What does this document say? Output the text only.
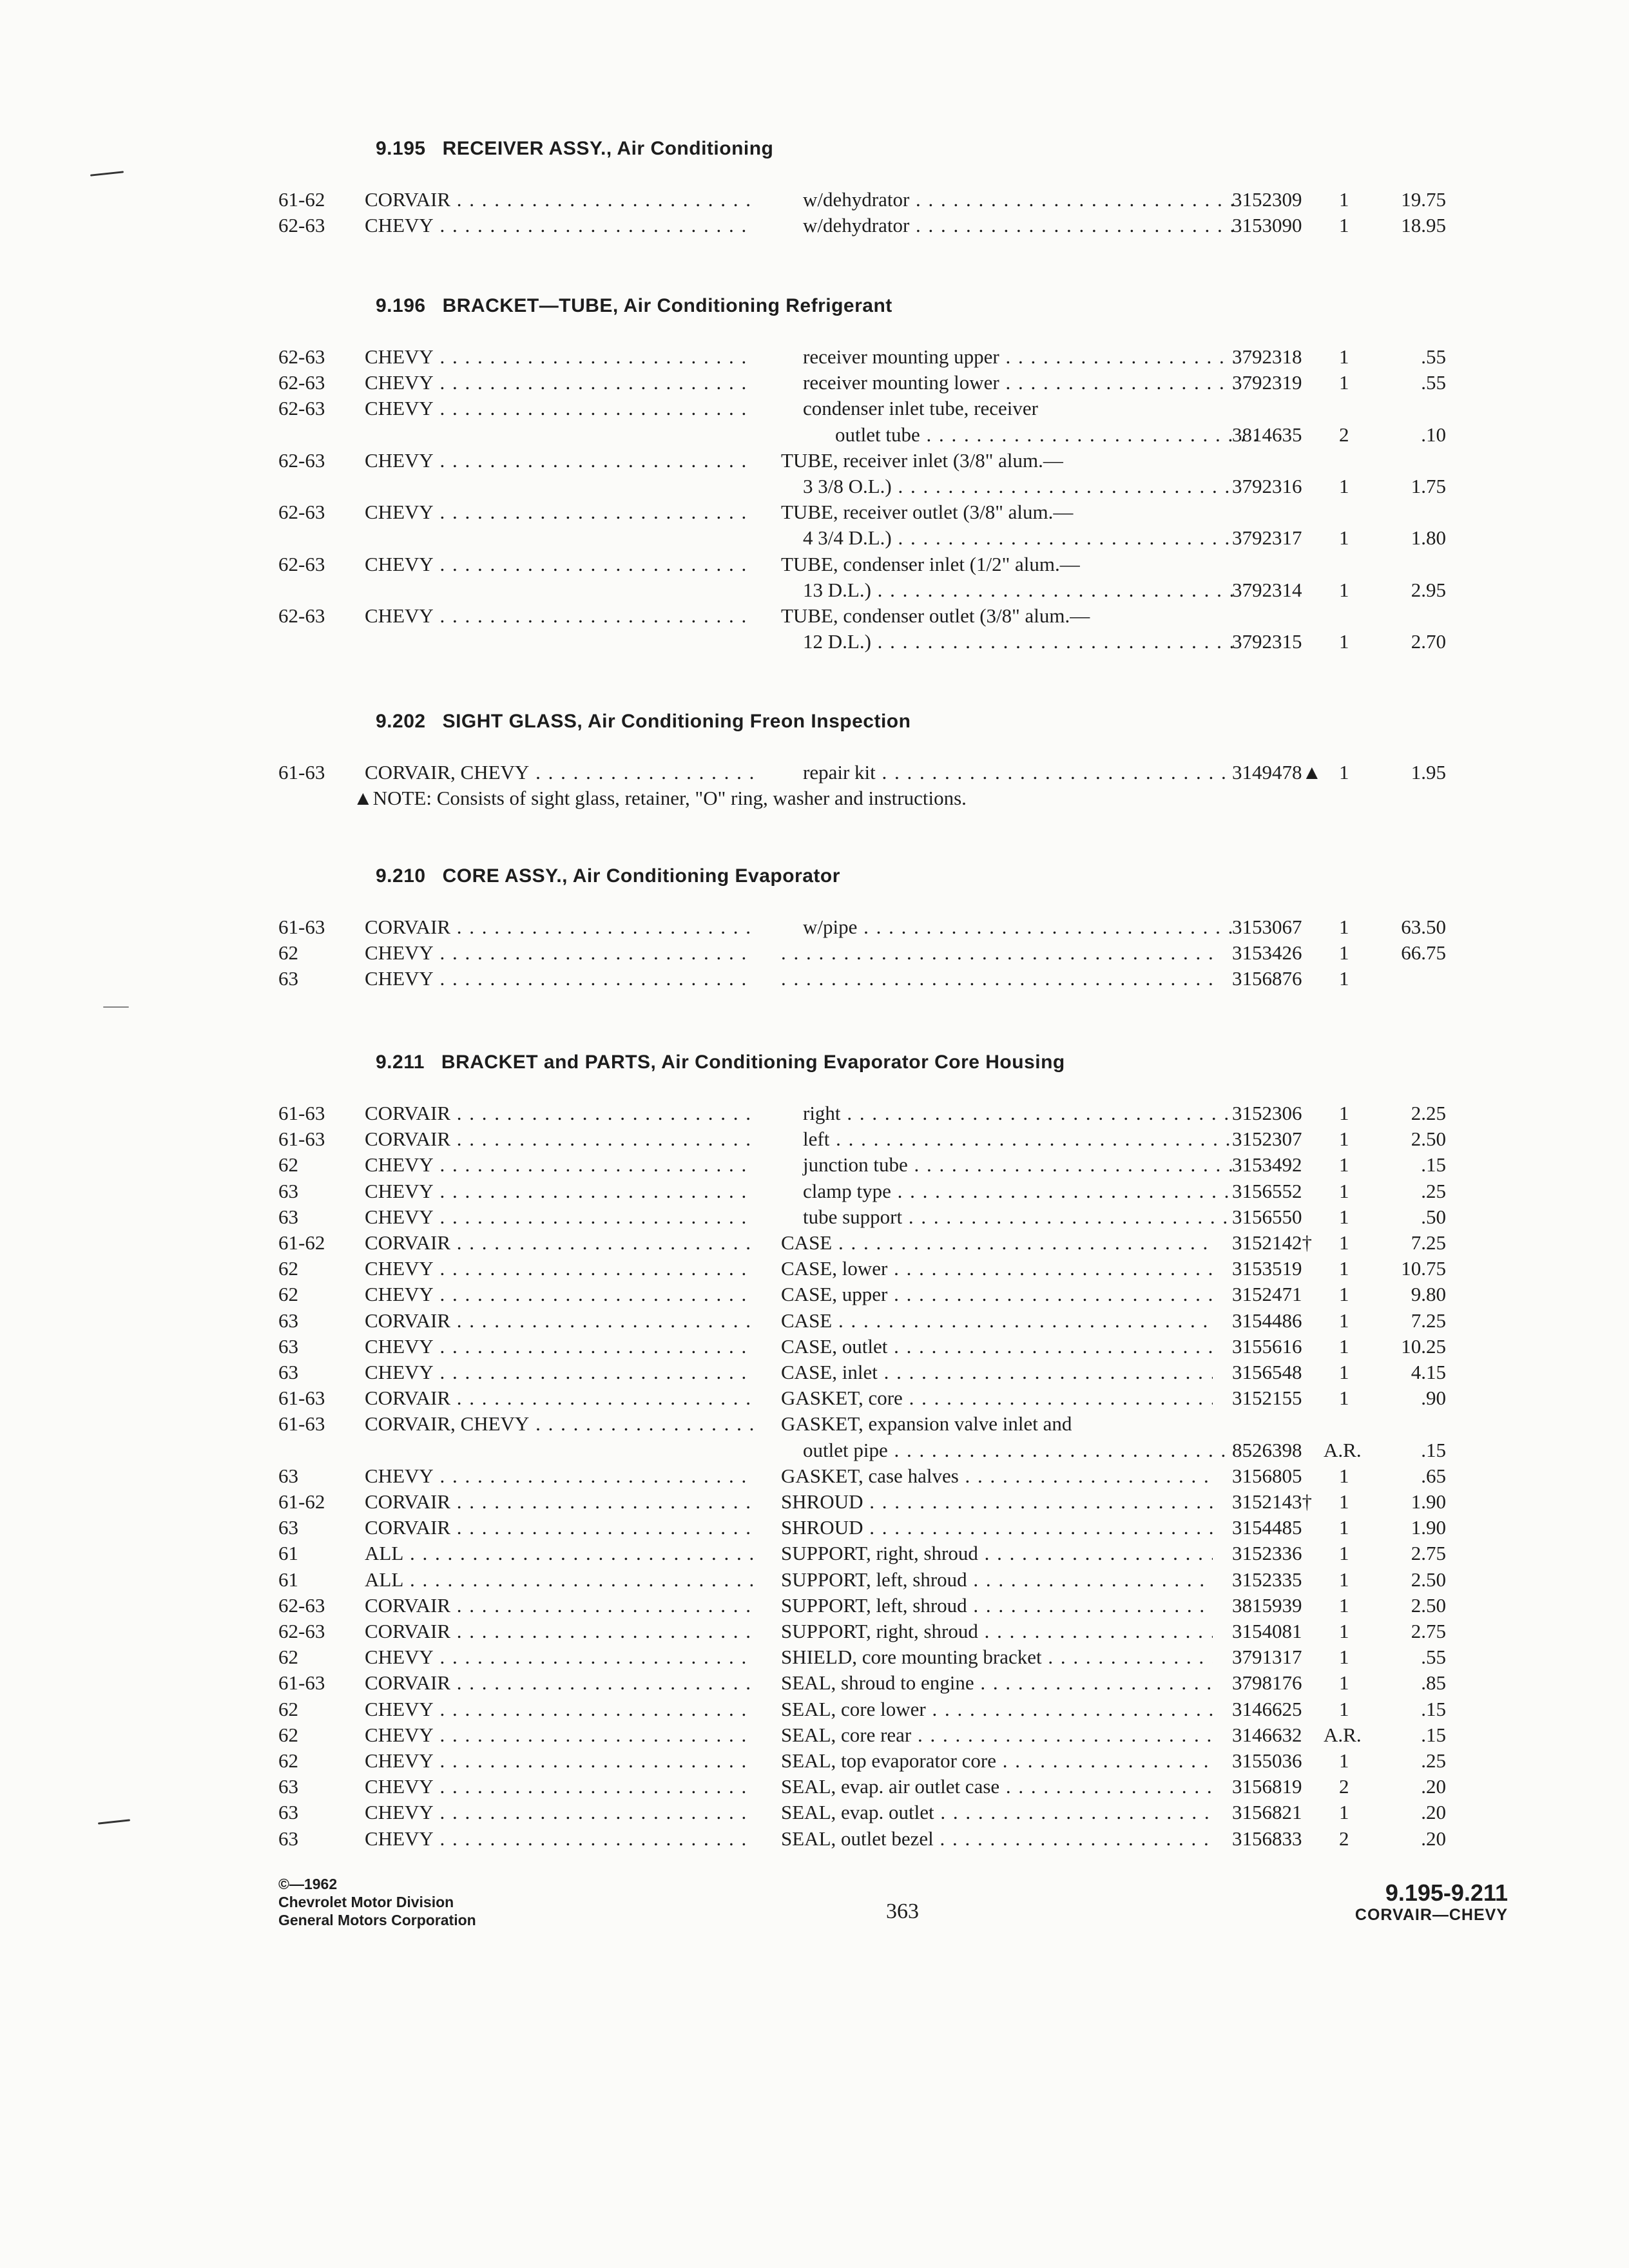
9.195 RECEIVER ASSY., Air Conditioning
61-62 CORVAIR . . .	w/dehydrator . . .	3152309 1	19.75
62-63 CHEVY . . .	w/dehydrator . . .	3153090 1	18.95
9.196 BRACKET—TUBE, Air Conditioning Refrigerant
62-63 CHEVY . . .	receiver mounting upper . . .	3792318 1	.55
62-63 CHEVY . . .	receiver mounting lower . . .	3792319 1	.55
62-63 CHEVY . . .	condenser inlet tube, receiver
outlet tube . . .	3814635 2	.10
62-63 CHEVY . . .	TUBE, receiver inlet (3/8" alum.—
3 3/8 O.L.) . . .	3792316 1	1.75
62-63 CHEVY . . .	TUBE, receiver outlet (3/8" alum.—
4 3/4 D.L.) . . .	3792317 1	1.80
62-63 CHEVY . . .	TUBE, condenser inlet (1/2" alum.—
13 D.L.) . . .	3792314 1	2.95
62-63 CHEVY . . .	TUBE, condenser outlet (3/8" alum.—
12 D.L.) . . .	3792315 1	2.70
9.202 SIGHT GLASS, Air Conditioning Freon Inspection
61-63 CORVAIR, CHEVY . . .	repair kit . . .	3149478▲ 1	1.95
▲NOTE: Consists of sight glass, retainer, "O" ring, washer and instructions.
9.210 CORE ASSY., Air Conditioning Evaporator
61-63 CORVAIR . . .	w/pipe . . .	3153067 1	63.50
62	CHEVY . . . . . .	3153426 1	66.75
63	CHEVY . . . . . .	3156876 1
9.211 BRACKET and PARTS, Air Conditioning Evaporator Core Housing
61-63 CORVAIR . . .	right . . .	3152306 1	2.25
61-63 CORVAIR . . .	left . . .	3152307 1	2.50
62	CHEVY . . .	junction tube . . .	3153492 1	.15
63	CHEVY . . .	clamp type . . .	3156552 1	.25
63	CHEVY . . .	tube support . . .	3156550 1	.50
61-62 CORVAIR . . .	CASE . . .	3152142† 1	7.25
62	CHEVY . . .	CASE, lower . . .	3153519 1	10.75
62	CHEVY . . .	CASE, upper . . .	3152471 1	9.80
63	CORVAIR . . .	CASE . . .	3154486 1	7.25
63	CHEVY . . .	CASE, outlet . . .	3155616 1	10.25
63	CHEVY . . .	CASE, inlet . . .	3156548 1	4.15
61-63 CORVAIR . . .	GASKET, core . . .	3152155 1	.90
61-63 CORVAIR, CHEVY . . .	GASKET, expansion valve inlet and
outlet pipe . . .	8526398 A.R.	.15
63	CHEVY . . .	GASKET, case halves . . .	3156805 1	.65
61-62 CORVAIR . . .	SHROUD . . .	3152143† 1	1.90
63	CORVAIR . . .	SHROUD . . .	3154485 1	1.90
61	ALL . . .	SUPPORT, right, shroud . . .	3152336 1	2.75
61	ALL . . .	SUPPORT, left, shroud . . .	3152335 1	2.50
62-63 CORVAIR . . .	SUPPORT, left, shroud . . .	3815939 1	2.50
62-63 CORVAIR . . .	SUPPORT, right, shroud . . .	3154081 1	2.75
62	CHEVY . . .	SHIELD, core mounting bracket . . .	3791317 1	.55
61-63 CORVAIR . . .	SEAL, shroud to engine . . .	3798176 1	.85
62	CHEVY . . .	SEAL, core lower . . .	3146625 1	.15
62	CHEVY . . .	SEAL, core rear . . .	3146632 A.R.	.15
62	CHEVY . . .	SEAL, top evaporator core . . .	3155036 1	.25
63	CHEVY . . .	SEAL, evap. air outlet case . . .	3156819 2	.20
63	CHEVY . . .	SEAL, evap. outlet . . .	3156821 1	.20
63	CHEVY . . .	SEAL, outlet bezel . . .	3156833 2	.20
©—1962
Chevrolet Motor Division
General Motors Corporation	363
9.195-9.211
CORVAIR—CHEVY
